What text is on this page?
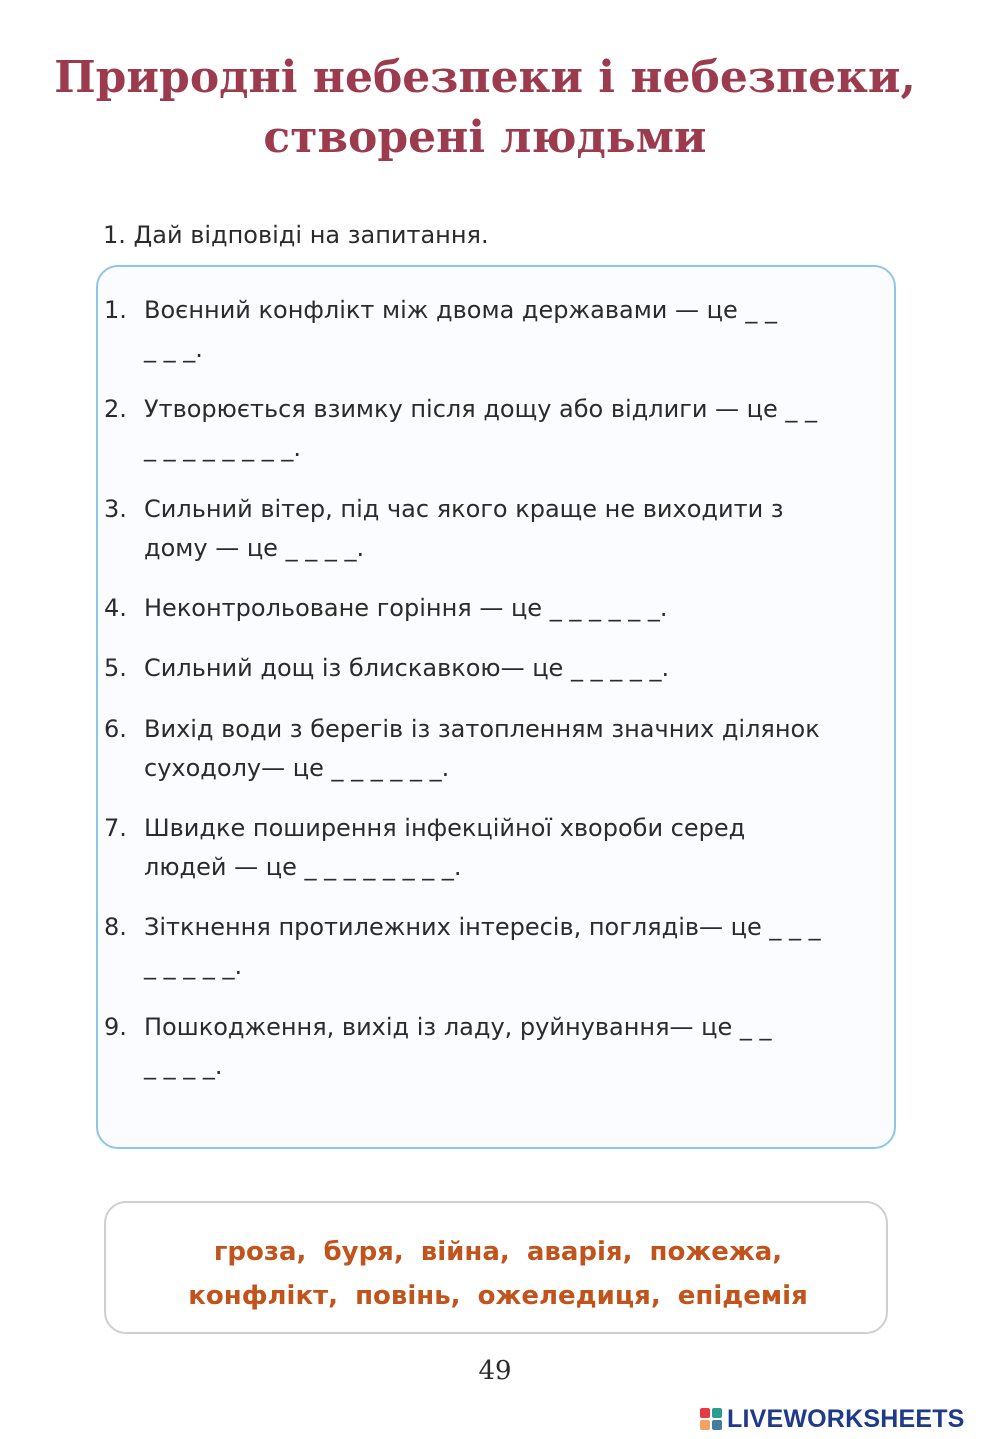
Природні небезпеки і небезпеки,
створені людьми
1. Дай відповіді на запитання.
1. Воєнний конфлікт між двома державами — це _ _ _ _ _.
2. Утворюється взимку після дощу або відлиги — це _ _ _ _ _ _ _ _ _ _.
3. Сильний вітер, під час якого краще не виходити з дому — це _ _ _ _.
4. Неконтрольоване горіння — це _ _ _ _ _ _.
5. Сильний дощ із блискавкою— це _ _ _ _ _.
6. Вихід води з берегів із затопленням значних ділянок суходолу— це _ _ _ _ _ _.
7. Швидке поширення інфекційної хвороби серед людей — це _ _ _ _ _ _ _ _.
8. Зіткнення протилежних інтересів, поглядів— це _ _ _ _ _ _ _ _.
9. Пошкодження, вихід із ладу, руйнування— це _ _ _ _ _ _.
гроза, буря, війна, аварія, пожежа,
конфлікт, повінь, ожеледиця, епідемія
49
LIVEWORKSHEETS
